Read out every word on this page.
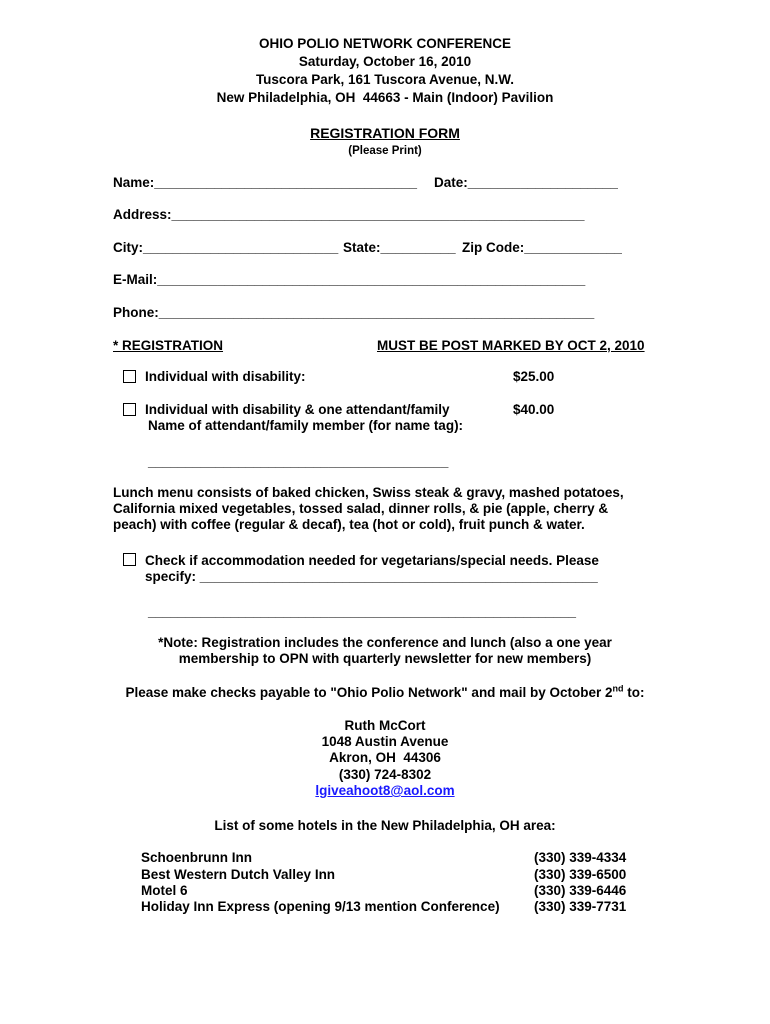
OHIO POLIO NETWORK CONFERENCE
Saturday, October 16, 2010
Tuscora Park, 161 Tuscora Avenue, N.W.
New Philadelphia, OH  44663 - Main (Indoor) Pavilion
REGISTRATION FORM
(Please Print)
Name:___________________________________ Date:____________________
Address:_______________________________________________________
City:__________________________ State:__________ Zip Code:_____________
E-Mail:_________________________________________________________
Phone:__________________________________________________________
* REGISTRATION	MUST BE POST MARKED BY OCT 2, 2010
Individual with disability:	$25.00
Individual with disability & one attendant/family	$40.00
Name of attendant/family member (for name tag):
________________________________________
Lunch menu consists of baked chicken, Swiss steak & gravy, mashed potatoes,
California mixed vegetables, tossed salad, dinner rolls, & pie (apple, cherry &
peach) with coffee (regular & decaf), tea (hot or cold), fruit punch & water.
Check if accommodation needed for vegetarians/special needs. Please
specify: _____________________________________________________
_________________________________________________________
*Note: Registration includes the conference and lunch (also a one year
membership to OPN with quarterly newsletter for new members)
Please make checks payable to "Ohio Polio Network" and mail by October 2nd to:
Ruth McCort
1048 Austin Avenue
Akron, OH  44306
(330) 724-8302
lgiveahoot8@aol.com
List of some hotels in the New Philadelphia, OH area:
Schoenbrunn Inn	(330) 339-4334
Best Western Dutch Valley Inn	(330) 339-6500
Motel 6	(330) 339-6446
Holiday Inn Express (opening 9/13 mention Conference)	(330) 339-7731
